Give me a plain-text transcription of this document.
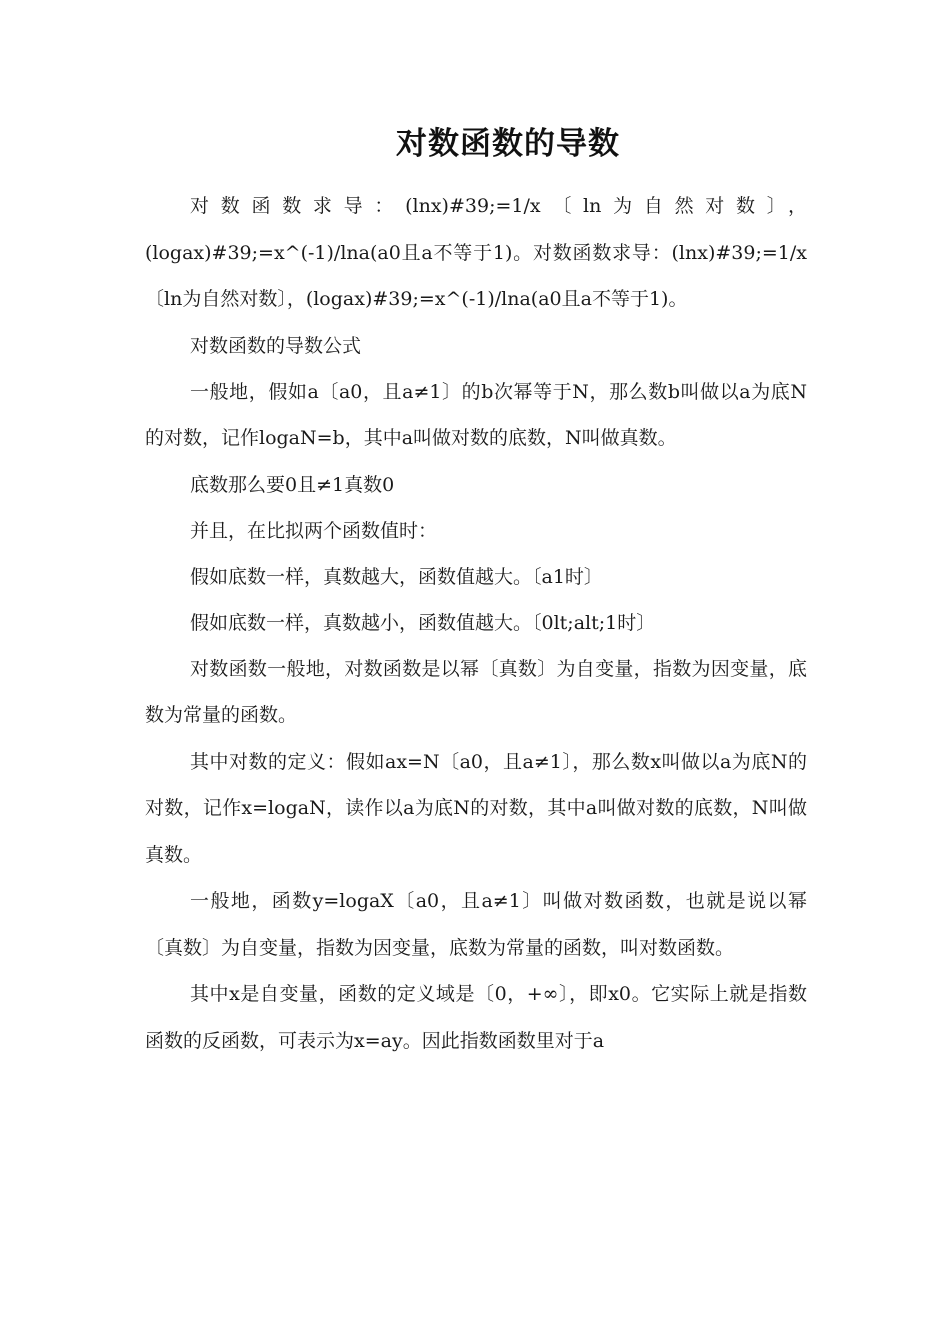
对数函数的导数

对数函数求导：(lnx)#39;=1/x〔ln为自然对数〕，(logax)#39;=x^(-1)/lna(a0且a不等于1)。对数函数求导：(lnx)#39;=1/x〔ln为自然对数〕，(logax)#39;=x^(-1)/lna(a0且a不等于1)。

对数函数的导数公式

一般地，假如a〔a0，且a≠1〕的b次幂等于N，那么数b叫做以a为底N的对数，记作logaN=b，其中a叫做对数的底数，N叫做真数。

底数那么要0且≠1真数0

并且，在比拟两个函数值时：

假如底数一样，真数越大，函数值越大。〔a1时〕

假如底数一样，真数越小，函数值越大。〔0lt;alt;1时〕

对数函数一般地，对数函数是以幂〔真数〕为自变量，指数为因变量，底数为常量的函数。

其中对数的定义：假如ax=N〔a0，且a≠1〕，那么数x叫做以a为底N的对数，记作x=logaN，读作以a为底N的对数，其中a叫做对数的底数，N叫做真数。

一般地，函数y=logaX〔a0，且a≠1〕叫做对数函数，也就是说以幂〔真数〕为自变量，指数为因变量，底数为常量的函数，叫对数函数。

其中x是自变量，函数的定义域是〔0，+∞〕，即x0。它实际上就是指数函数的反函数，可表示为x=ay。因此指数函数里对于a
